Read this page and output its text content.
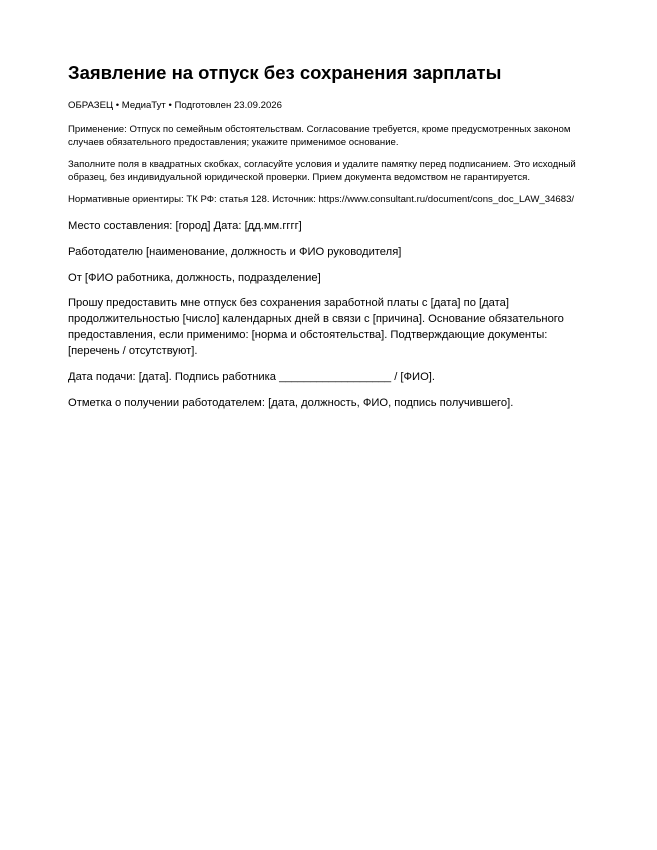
Заявление на отпуск без сохранения зарплаты

ОБРАЗЕЦ • МедиаТут • Подготовлен 23.09.2026

Применение: Отпуск по семейным обстоятельствам. Согласование требуется, кроме предусмотренных законом случаев обязательного предоставления; укажите применимое основание.

Заполните поля в квадратных скобках, согласуйте условия и удалите памятку перед подписанием. Это исходный образец, без индивидуальной юридической проверки. Прием документа ведомством не гарантируется.

Нормативные ориентиры: ТК РФ: статья 128. Источник: https://www.consultant.ru/document/cons_doc_LAW_34683/

Место составления: [город] Дата: [дд.мм.гггг]

Работодателю [наименование, должность и ФИО руководителя]

От [ФИО работника, должность, подразделение]

Прошу предоставить мне отпуск без сохранения заработной платы с [дата] по [дата] продолжительностью [число] календарных дней в связи с [причина]. Основание обязательного предоставления, если применимо: [норма и обстоятельства]. Подтверждающие документы: [перечень / отсутствуют].

Дата подачи: [дата]. Подпись работника __________________ / [ФИО].

Отметка о получении работодателем: [дата, должность, ФИО, подпись получившего].
